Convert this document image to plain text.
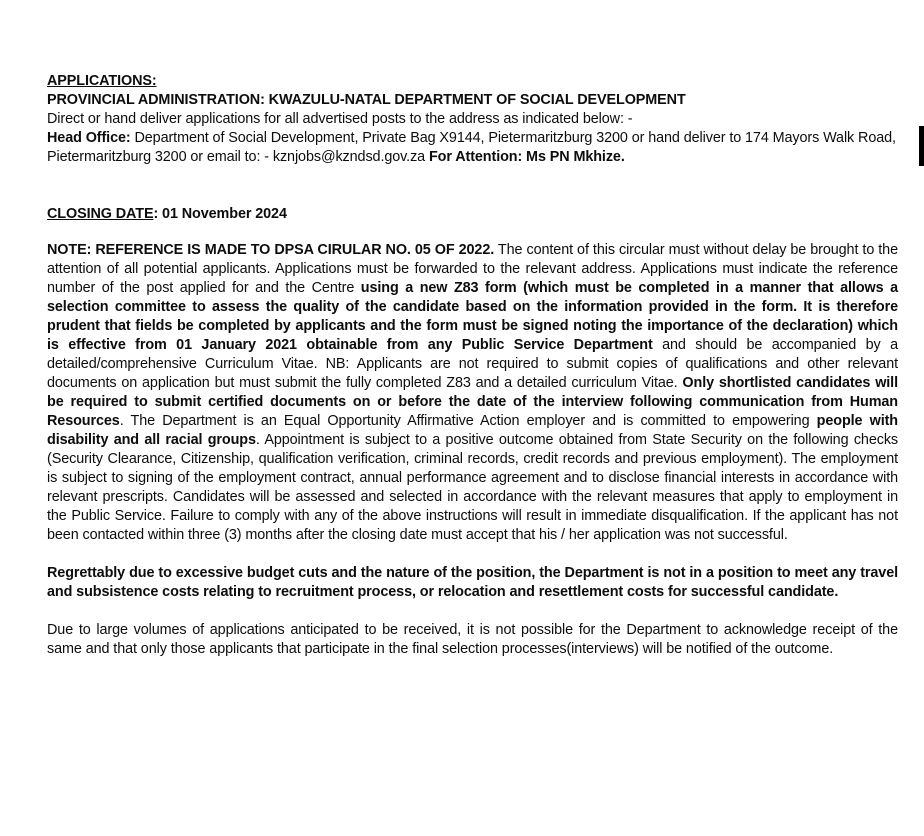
APPLICATIONS:

PROVINCIAL ADMINISTRATION: KWAZULU-NATAL DEPARTMENT OF SOCIAL DEVELOPMENT

Direct or hand deliver applications for all advertised posts to the address as indicated below: -

Head Office: Department of Social Development, Private Bag X9144, Pietermaritzburg 3200 or hand deliver to 174 Mayors Walk Road, Pietermaritzburg 3200 or email to: - kznjobs@kzndsd.gov.za For Attention: Ms PN Mkhize.

CLOSING DATE: 01 November 2024

NOTE: REFERENCE IS MADE TO DPSA CIRULAR NO. 05 OF 2022. The content of this circular must without delay be brought to the attention of all potential applicants. Applications must be forwarded to the relevant address. Applications must indicate the reference number of the post applied for and the Centre using a new Z83 form (which must be completed in a manner that allows a selection committee to assess the quality of the candidate based on the information provided in the form. It is therefore prudent that fields be completed by applicants and the form must be signed noting the importance of the declaration) which is effective from 01 January 2021 obtainable from any Public Service Department and should be accompanied by a detailed/comprehensive Curriculum Vitae. NB: Applicants are not required to submit copies of qualifications and other relevant documents on application but must submit the fully completed Z83 and a detailed curriculum Vitae. Only shortlisted candidates will be required to submit certified documents on or before the date of the interview following communication from Human Resources. The Department is an Equal Opportunity Affirmative Action employer and is committed to empowering people with disability and all racial groups. Appointment is subject to a positive outcome obtained from State Security on the following checks (Security Clearance, Citizenship, qualification verification, criminal records, credit records and previous employment). The employment is subject to signing of the employment contract, annual performance agreement and to disclose financial interests in accordance with relevant prescripts. Candidates will be assessed and selected in accordance with the relevant measures that apply to employment in the Public Service. Failure to comply with any of the above instructions will result in immediate disqualification. If the applicant has not been contacted within three (3) months after the closing date must accept that his / her application was not successful.

Regrettably due to excessive budget cuts and the nature of the position, the Department is not in a position to meet any travel and subsistence costs relating to recruitment process, or relocation and resettlement costs for successful candidate.

Due to large volumes of applications anticipated to be received, it is not possible for the Department to acknowledge receipt of the same and that only those applicants that participate in the final selection processes(interviews) will be notified of the outcome.
